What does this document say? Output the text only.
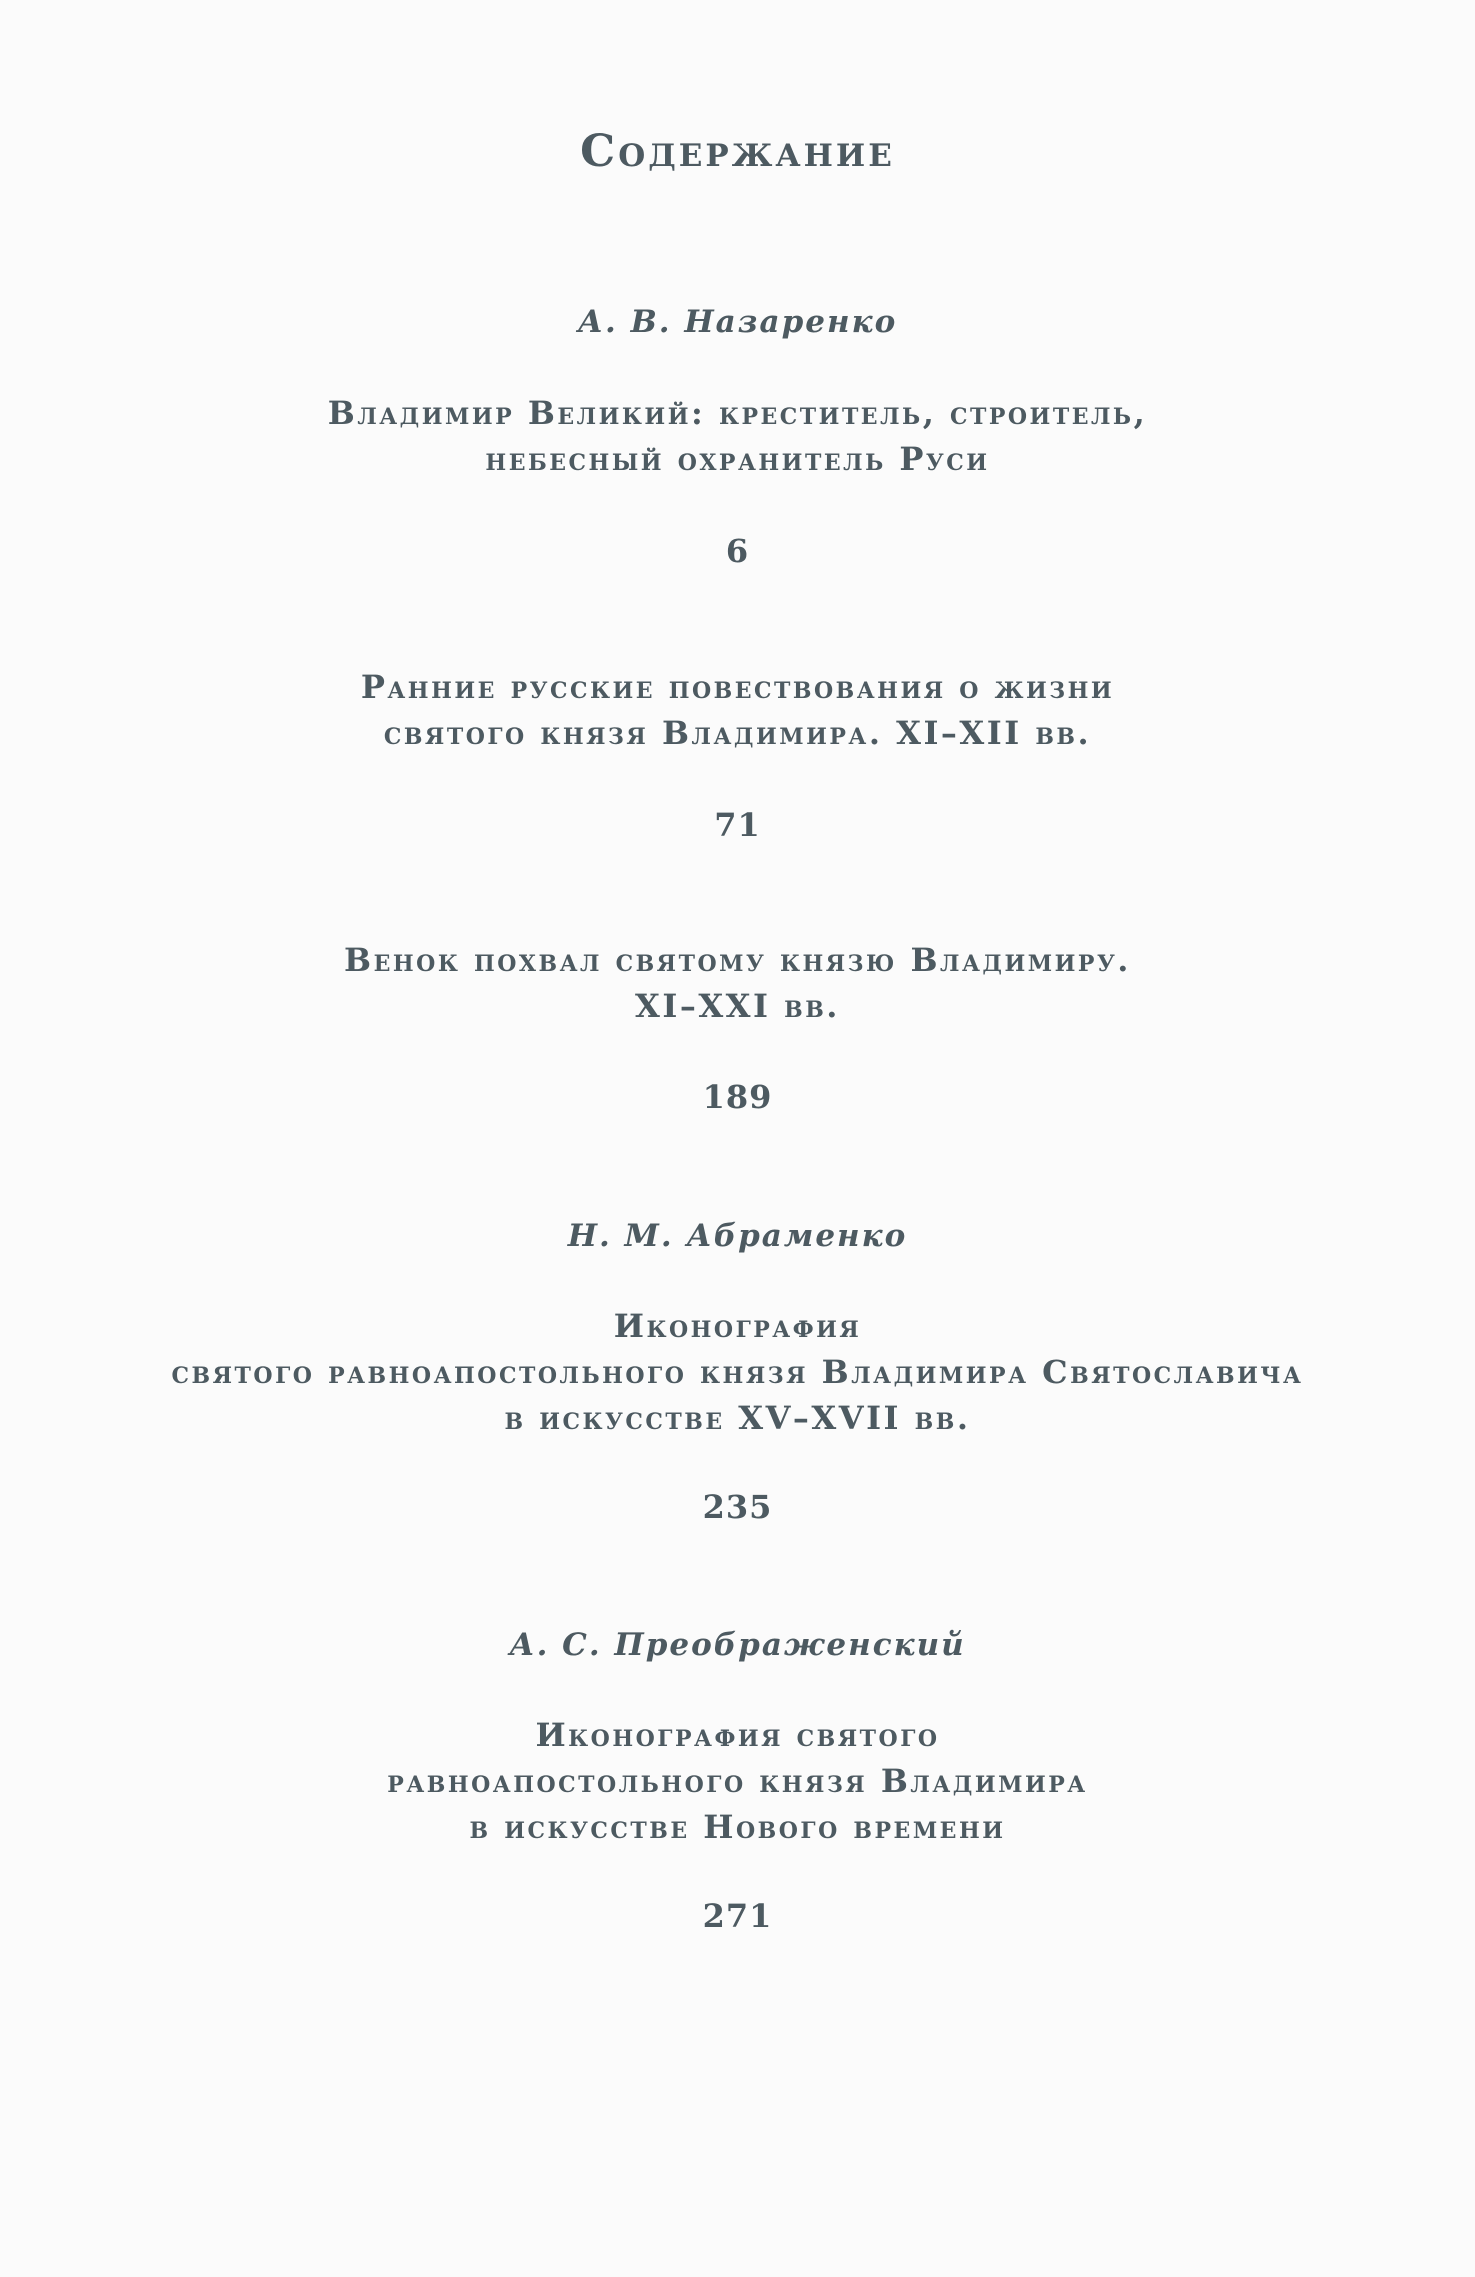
Содержание
А. В. Назаренко
Владимир Великий: креститель, строитель,
небесный охранитель Руси
6
Ранние русские повествования о жизни
святого князя Владимира. XI–XII вв.
71
Венок похвал святому князю Владимиру.
XI–XXI вв.
189
Н. М. Абраменко
Иконография
святого равноапостольного князя Владимира Святославича
в искусстве XV–XVII вв.
235
А. С. Преображенский
Иконография святого
равноапостольного князя Владимира
в искусстве Нового времени
271
